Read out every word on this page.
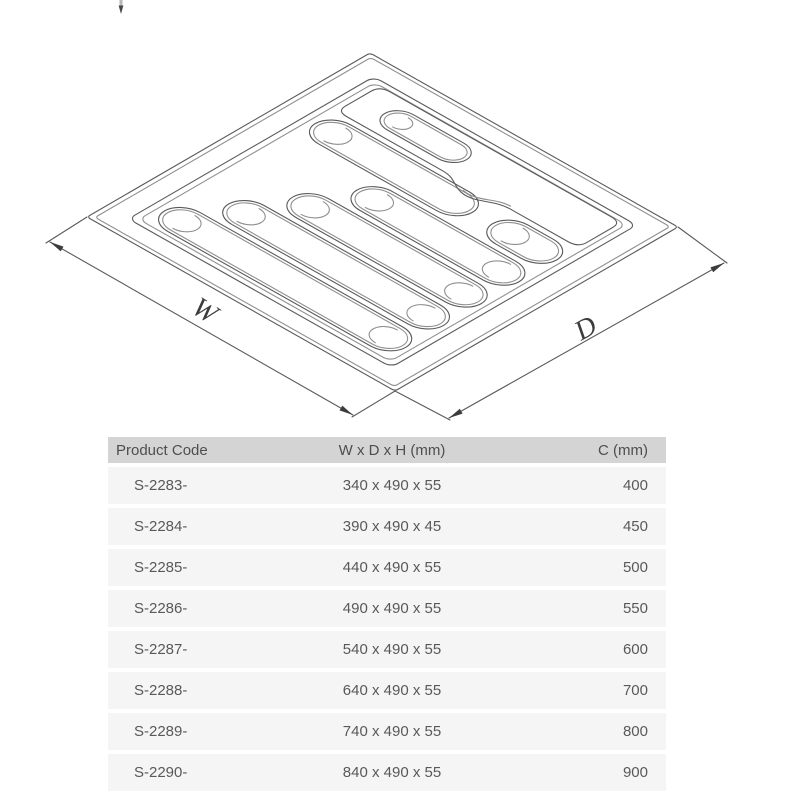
W	D
Product Code	W x D x H (mm)	C (mm)
S-2283-	340 x 490 x 55	400
S-2284-	390 x 490 x 45	450
S-2285-	440 x 490 x 55	500
S-2286-	490 x 490 x 55	550
S-2287-	540 x 490 x 55	600
S-2288-	640 x 490 x 55	700
S-2289-	740 x 490 x 55	800
S-2290-	840 x 490 x 55	900
